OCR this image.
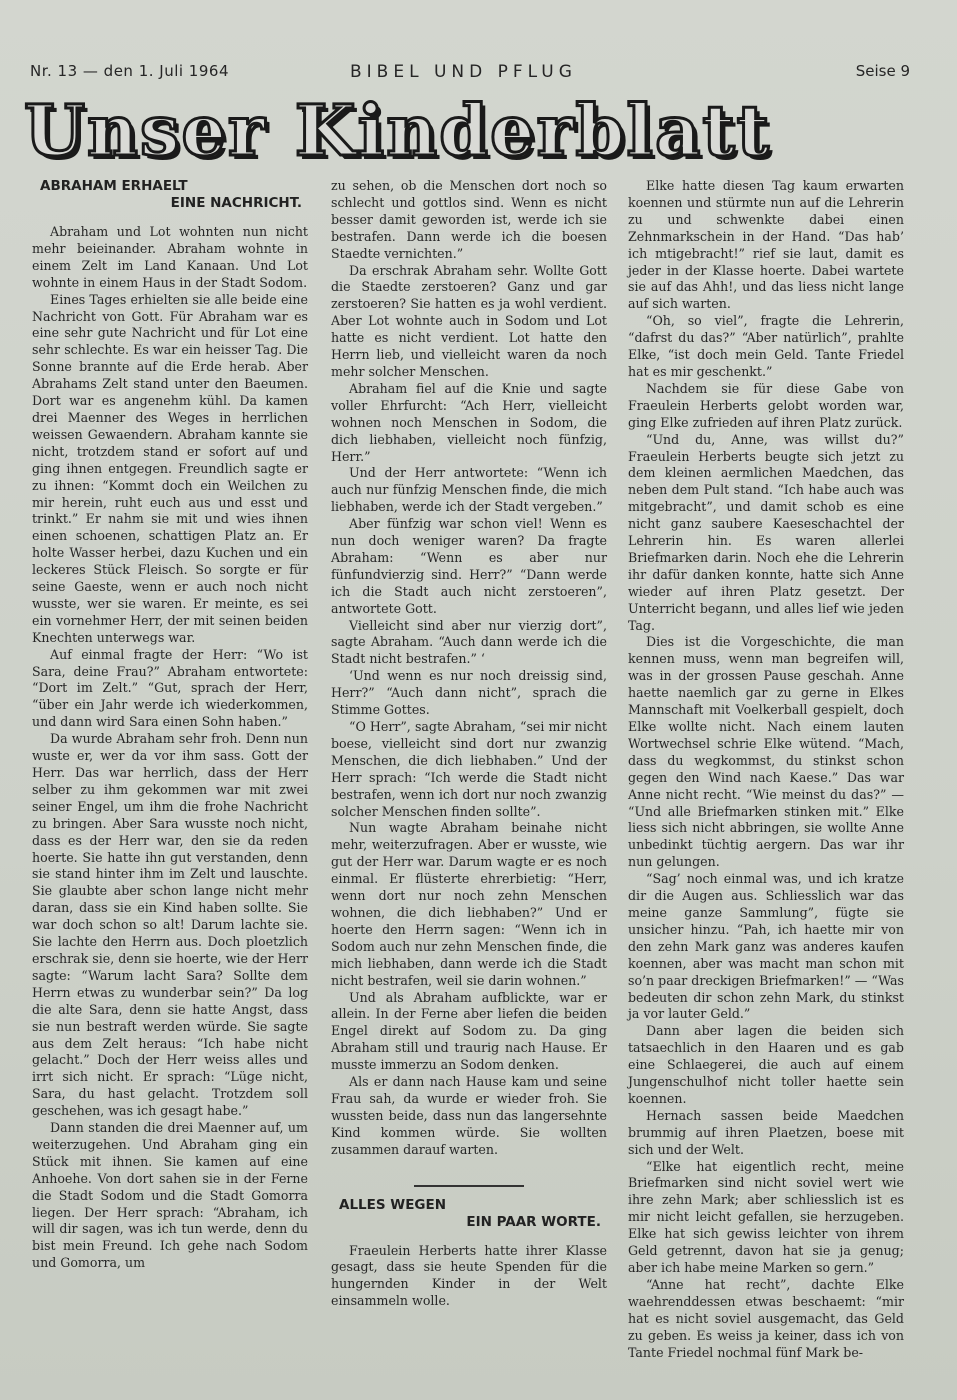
Nr. 13 — den 1. Juli 1964	BIBEL UND PFLUG	Seise 9
Unser Kinderblatt
ABRAHAM ERHAELT
EINE NACHRICHT.

Abraham und Lot wohnten nun nicht mehr beieinander. Abraham wohnte in einem Zelt im Land Kanaan. Und Lot wohnte in einem Haus in der Stadt Sodom.

Eines Tages erhielten sie alle beide eine Nachricht von Gott. Für Abraham war es eine sehr gute Nachricht und für Lot eine sehr schlechte. Es war ein heisser Tag. Die Sonne brannte auf die Erde herab. Aber Abrahams Zelt stand unter den Baeumen. Dort war es angenehm kühl. Da kamen drei Maenner des Weges in herrlichen weissen Gewaendern. Abraham kannte sie nicht, trotzdem stand er sofort auf und ging ihnen entgegen. Freundlich sagte er zu ihnen: “Kommt doch ein Weilchen zu mir herein, ruht euch aus und esst und trinkt.” Er nahm sie mit und wies ihnen einen schoenen, schattigen Platz an. Er holte Wasser herbei, dazu Kuchen und ein leckeres Stück Fleisch. So sorgte er für seine Gaeste, wenn er auch noch nicht wusste, wer sie waren. Er meinte, es sei ein vornehmer Herr, der mit seinen beiden Knechten unterwegs war.

Auf einmal fragte der Herr: “Wo ist Sara, deine Frau?” Abraham entwortete: “Dort im Zelt.” “Gut, sprach der Herr, “über ein Jahr werde ich wiederkommen, und dann wird Sara einen Sohn haben.”

Da wurde Abraham sehr froh. Denn nun wuste er, wer da vor ihm sass. Gott der Herr. Das war herrlich, dass der Herr selber zu ihm gekommen war mit zwei seiner Engel, um ihm die frohe Nachricht zu bringen. Aber Sara wusste noch nicht, dass es der Herr war, den sie da reden hoerte. Sie hatte ihn gut verstanden, denn sie stand hinter ihm im Zelt und lauschte. Sie glaubte aber schon lange nicht mehr daran, dass sie ein Kind haben sollte. Sie war doch schon so alt! Darum lachte sie. Sie lachte den Herrn aus. Doch ploetzlich erschrak sie, denn sie hoerte, wie der Herr sagte: “Warum lacht Sara? Sollte dem Herrn etwas zu wunderbar sein?” Da log die alte Sara, denn sie hatte Angst, dass sie nun bestraft werden würde. Sie sagte aus dem Zelt heraus: “Ich habe nicht gelacht.” Doch der Herr weiss alles und irrt sich nicht. Er sprach: “Lüge nicht, Sara, du hast gelacht. Trotzdem soll geschehen, was ich gesagt habe.”

Dann standen die drei Maenner auf, um weiterzugehen. Und Abraham ging ein Stück mit ihnen. Sie kamen auf eine Anhoehe. Von dort sahen sie in der Ferne die Stadt Sodom und die Stadt Gomorra liegen. Der Herr sprach: “Abraham, ich will dir sagen, was ich tun werde, denn du bist mein Freund. Ich gehe nach Sodom und Gomorra, um

zu sehen, ob die Menschen dort noch so schlecht und gottlos sind. Wenn es nicht besser damit geworden ist, werde ich sie bestrafen. Dann werde ich die boesen Staedte vernichten.”

Da erschrak Abraham sehr. Wollte Gott die Staedte zerstoeren? Ganz und gar zerstoeren? Sie hatten es ja wohl verdient. Aber Lot wohnte auch in Sodom und Lot hatte es nicht verdient. Lot hatte den Herrn lieb, und vielleicht waren da noch mehr solcher Menschen.

Abraham fiel auf die Knie und sagte voller Ehrfurcht: “Ach Herr, vielleicht wohnen noch Menschen in Sodom, die dich liebhaben, vielleicht noch fünfzig, Herr.”

Und der Herr antwortete: “Wenn ich auch nur fünfzig Menschen finde, die mich liebhaben, werde ich der Stadt vergeben.”

Aber fünfzig war schon viel! Wenn es nun doch weniger waren? Da fragte Abraham: “Wenn es aber nur fünfundvierzig sind. Herr?” “Dann werde ich die Stadt auch nicht zerstoeren”, antwortete Gott.

Vielleicht sind aber nur vierzig dort”, sagte Abraham. “Auch dann werde ich die Stadt nicht bestrafen.” ‘

‘Und wenn es nur noch dreissig sind, Herr?” “Auch dann nicht”, sprach die Stimme Gottes.

“O Herr”, sagte Abraham, “sei mir nicht boese, vielleicht sind dort nur zwanzig Menschen, die dich liebhaben.” Und der Herr sprach: “Ich werde die Stadt nicht bestrafen, wenn ich dort nur noch zwanzig solcher Menschen finden sollte”.

Nun wagte Abraham beinahe nicht mehr, weiterzufragen. Aber er wusste, wie gut der Herr war. Darum wagte er es noch einmal. Er flüsterte ehrerbietig: “Herr, wenn dort nur noch zehn Menschen wohnen, die dich liebhaben?” Und er hoerte den Herrn sagen: “Wenn ich in Sodom auch nur zehn Menschen finde, die mich liebhaben, dann werde ich die Stadt nicht bestrafen, weil sie darin wohnen.”

Und als Abraham aufblickte, war er allein. In der Ferne aber liefen die beiden Engel direkt auf Sodom zu. Da ging Abraham still und traurig nach Hause. Er musste immerzu an Sodom denken.

Als er dann nach Hause kam und seine Frau sah, da wurde er wieder froh. Sie wussten beide, dass nun das langersehnte Kind kommen würde. Sie wollten zusammen darauf warten.

ALLES WEGEN
EIN PAAR WORTE.

Fraeulein Herberts hatte ihrer Klasse gesagt, dass sie heute Spenden für die hungernden Kinder in der Welt einsammeln wolle.

Elke hatte diesen Tag kaum erwarten koennen und stürmte nun auf die Lehrerin zu und schwenkte dabei einen Zehnmarkschein in der Hand. “Das hab’ ich mtigebracht!” rief sie laut, damit es jeder in der Klasse hoerte. Dabei wartete sie auf das Ahh!, und das liess nicht lange auf sich warten.

“Oh, so viel”, fragte die Lehrerin, “dafrst du das?” “Aber natürlich”, prahlte Elke, “ist doch mein Geld. Tante Friedel hat es mir geschenkt.”

Nachdem sie für diese Gabe von Fraeulein Herberts gelobt worden war, ging Elke zufrieden auf ihren Platz zurück.

“Und du, Anne, was willst du?” Fraeulein Herberts beugte sich jetzt zu dem kleinen aermlichen Maedchen, das neben dem Pult stand. “Ich habe auch was mitgebracht”, und damit schob es eine nicht ganz saubere Kaeseschachtel der Lehrerin hin. Es waren allerlei Briefmarken darin. Noch ehe die Lehrerin ihr dafür danken konnte, hatte sich Anne wieder auf ihren Platz gesetzt. Der Unterricht begann, und alles lief wie jeden Tag.

Dies ist die Vorgeschichte, die man kennen muss, wenn man begreifen will, was in der grossen Pause geschah. Anne haette naemlich gar zu gerne in Elkes Mannschaft mit Voelkerball gespielt, doch Elke wollte nicht. Nach einem lauten Wortwechsel schrie Elke wütend. “Mach, dass du wegkommst, du stinkst schon gegen den Wind nach Kaese.” Das war Anne nicht recht. “Wie meinst du das?” — “Und alle Briefmarken stinken mit.” Elke liess sich nicht abbringen, sie wollte Anne unbedinkt tüchtig aergern. Das war ihr nun gelungen.

“Sag’ noch einmal was, und ich kratze dir die Augen aus. Schliesslich war das meine ganze Sammlung”, fügte sie unsicher hinzu. “Pah, ich haette mir von den zehn Mark ganz was anderes kaufen koennen, aber was macht man schon mit so’n paar dreckigen Briefmarken!” — “Was bedeuten dir schon zehn Mark, du stinkst ja vor lauter Geld.”

Dann aber lagen die beiden sich tatsaechlich in den Haaren und es gab eine Schlaegerei, die auch auf einem Jungenschulhof nicht toller haette sein koennen.

Hernach sassen beide Maedchen brummig auf ihren Plaetzen, boese mit sich und der Welt.

“Elke hat eigentlich recht, meine Briefmarken sind nicht soviel wert wie ihre zehn Mark; aber schliesslich ist es mir nicht leicht gefallen, sie herzugeben. Elke hat sich gewiss leichter von ihrem Geld getrennt, davon hat sie ja genug; aber ich habe meine Marken so gern.”

“Anne hat recht”, dachte Elke waehrenddessen etwas beschaemt: “mir hat es nicht soviel ausgemacht, das Geld zu geben. Es weiss ja keiner, dass ich von Tante Friedel nochmal fünf Mark be-
